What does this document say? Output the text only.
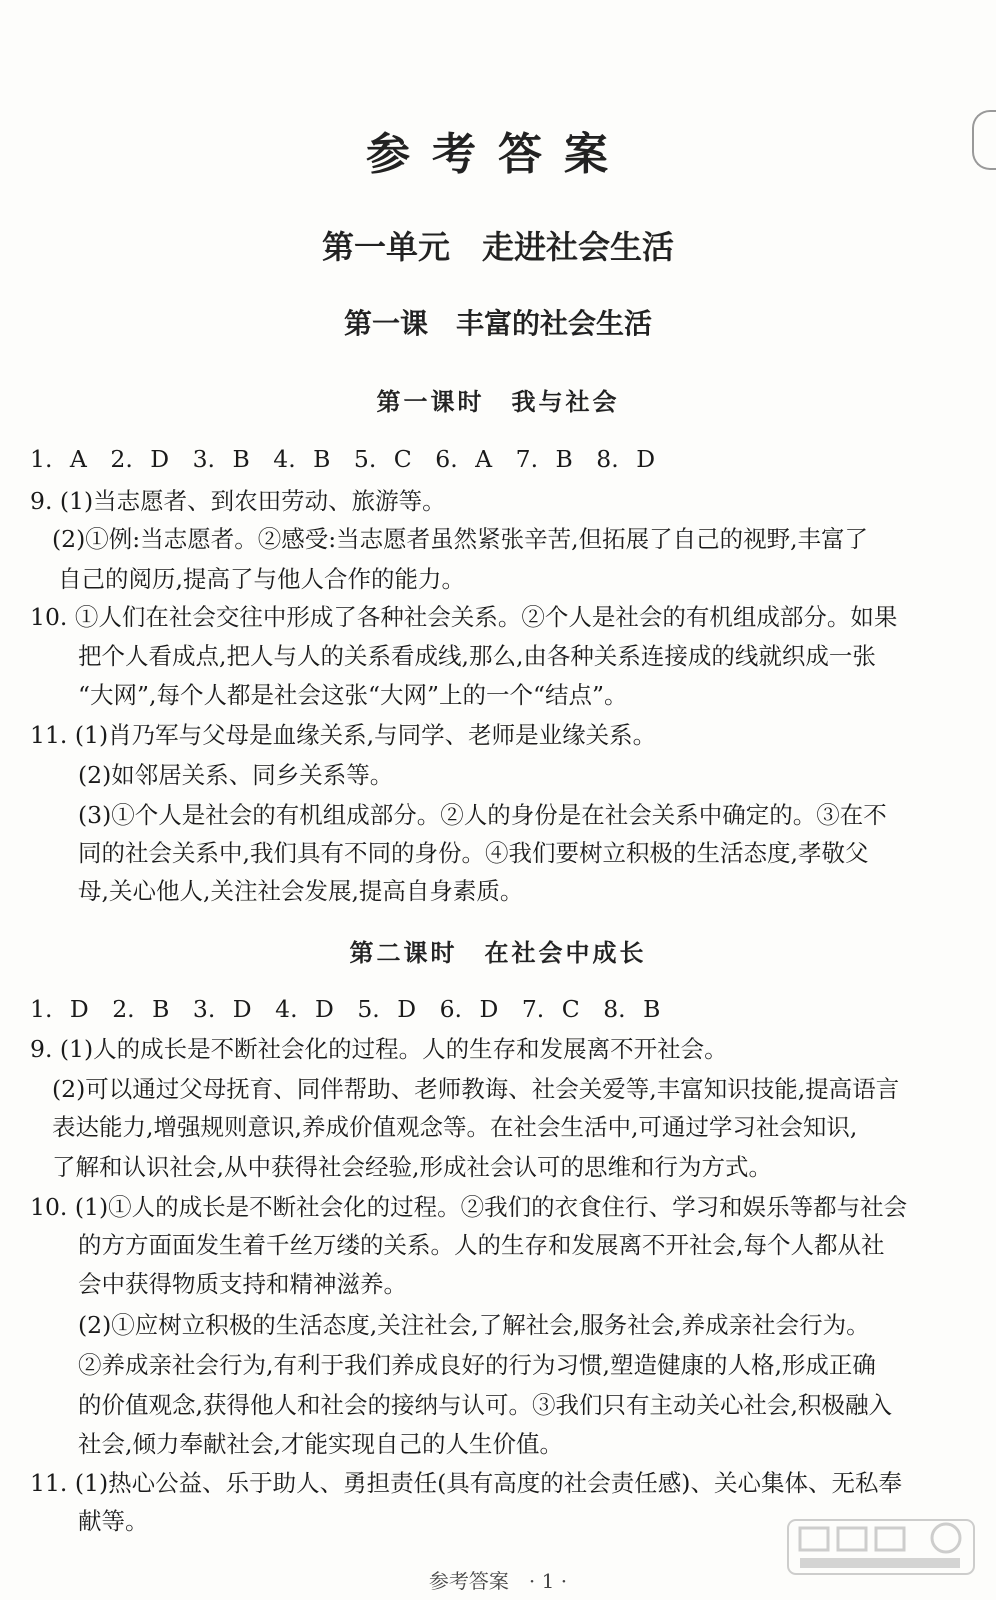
参考答案
第一单元　走进社会生活
第一课　丰富的社会生活
第一课时　我与社会
1. A　2. D　3. B　4. B　5. C　6. A　7. B　8. D
9. (1)当志愿者、到农田劳动、旅游等。
(2)①例:当志愿者。②感受:当志愿者虽然紧张辛苦,但拓展了自己的视野,丰富了
自己的阅历,提高了与他人合作的能力。
10. ①人们在社会交往中形成了各种社会关系。②个人是社会的有机组成部分。如果
把个人看成点,把人与人的关系看成线,那么,由各种关系连接成的线就织成一张
“大网”,每个人都是社会这张“大网”上的一个“结点”。
11. (1)肖乃军与父母是血缘关系,与同学、老师是业缘关系。
(2)如邻居关系、同乡关系等。
(3)①个人是社会的有机组成部分。②人的身份是在社会关系中确定的。③在不
同的社会关系中,我们具有不同的身份。④我们要树立积极的生活态度,孝敬父
母,关心他人,关注社会发展,提高自身素质。
第二课时　在社会中成长
1. D　2. B　3. D　4. D　5. D　6. D　7. C　8. B
9. (1)人的成长是不断社会化的过程。人的生存和发展离不开社会。
(2)可以通过父母抚育、同伴帮助、老师教诲、社会关爱等,丰富知识技能,提高语言
表达能力,增强规则意识,养成价值观念等。在社会生活中,可通过学习社会知识,
了解和认识社会,从中获得社会经验,形成社会认可的思维和行为方式。
10. (1)①人的成长是不断社会化的过程。②我们的衣食住行、学习和娱乐等都与社会
的方方面面发生着千丝万缕的关系。人的生存和发展离不开社会,每个人都从社
会中获得物质支持和精神滋养。
(2)①应树立积极的生活态度,关注社会,了解社会,服务社会,养成亲社会行为。
②养成亲社会行为,有利于我们养成良好的行为习惯,塑造健康的人格,形成正确
的价值观念,获得他人和社会的接纳与认可。③我们只有主动关心社会,积极融入
社会,倾力奉献社会,才能实现自己的人生价值。
11. (1)热心公益、乐于助人、勇担责任(具有高度的社会责任感)、关心集体、无私奉
献等。
参考答案　· 1 ·
